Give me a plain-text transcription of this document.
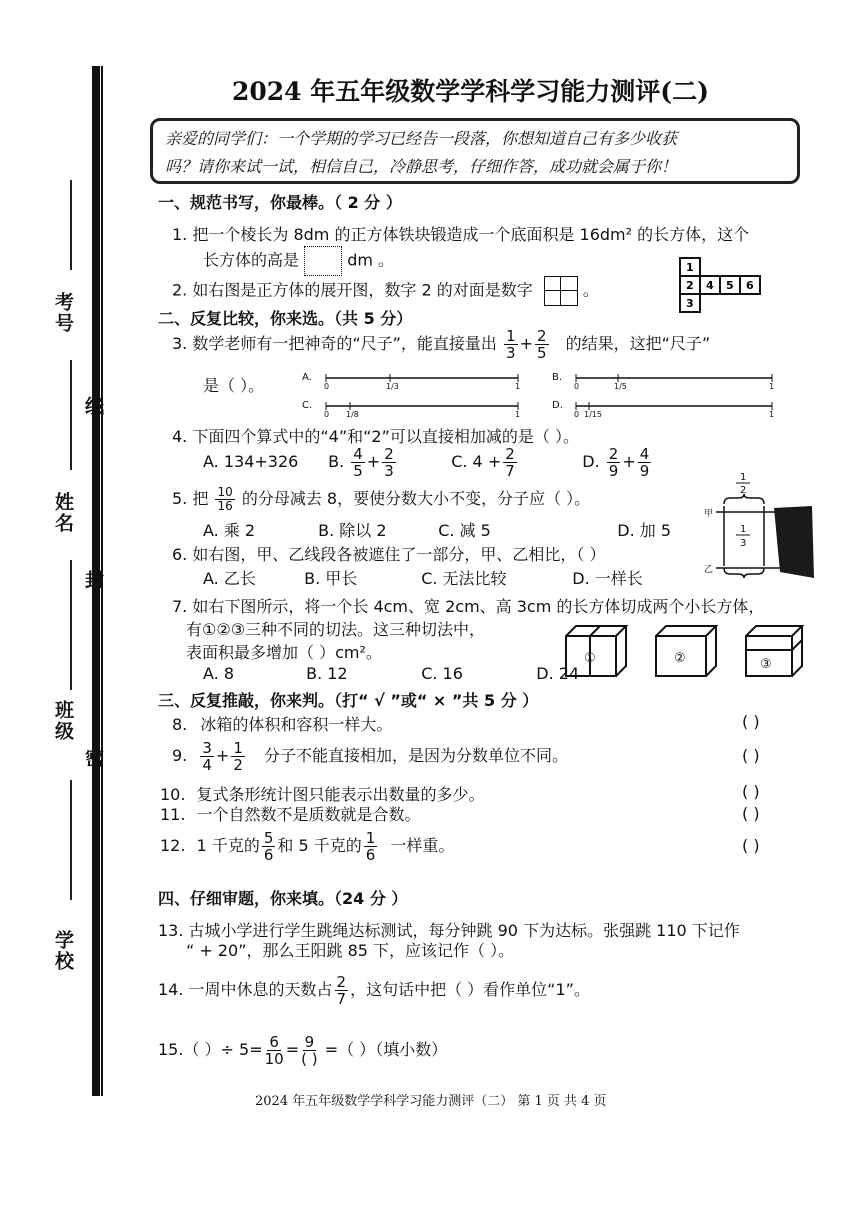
考号
姓名
班级
学校
线
封
密
2024 年五年级数学学科学习能力测评(二)
亲爱的同学们：一个学期的学习已经告一段落，你想知道自己有多少收获
吗？请你来试一试，相信自己，冷静思考，仔细作答，成功就会属于你！
一、规范书写，你最棒。（ 2 分 ）
1. 把一个棱长为 8dm 的正方体铁块锻造成一个底面积是 16dm² 的长方体，这个
长方体的高是	dm 。
2. 如右图是正方体的展开图，数字 2 的对面是数字	。
1
2
3
4 5 6
二、反复比较，你来选。（共 5 分）
3. 数学老师有一把神奇的“尺子”，能直接量出 $\frac{1}{3} + \frac{2}{5}$ 的结果，这把“尺子”
是（ ）。	A.
0	1/3	1
B.
0	1/5	1
C.
0 1/8	1
D.
0 1/15	1
4. 下面四个算式中的“4”和“2”可以直接相加减的是（ ）。
A. 134+326 B. $\frac{4}{5} + \frac{2}{3}$	C. $4 + \frac{2}{7}$	D. $\frac{2}{9} + \frac{4}{9}$
5. 把 $\frac{10}{16}$ 的分母减去 8，要使分数大小不变，分子应（ ）。
A. 乘 2	B. 除以 2	C. 减 5	D. 加 5
6. 如右图，甲、乙线段各被遮住了一部分，甲、乙相比，（ ）
A. 乙长	B. 甲长	C. 无法比较	D. 一样长
1
2
甲
1
3
乙
7. 如右下图所示，将一个长 4cm、宽 2cm、高 3cm 的长方体切成两个小长方体，
有①②③三种不同的切法。这三种切法中，
表面积最多增加（ ）cm²。
A. 8	B. 12	C. 16	D. 24
①	②	③
三、反复推敲，你来判。（打“ √ ”或“ × ”共 5 分 ）
8. 冰箱的体积和容积一样大。	( )
9. $\frac{3}{4} + \frac{1}{2}$ 分子不能直接相加，是因为分数单位不同。	( )
10. 复式条形统计图只能表示出数量的多少。	( )
11. 一个自然数不是质数就是合数。	( )
12. 1 千克的 $\frac{5}{6}$ 和 5 千克的 $\frac{1}{6}$ 一样重。	( )
四、仔细审题，你来填。（24 分 ）
13. 古城小学进行学生跳绳达标测试，每分钟跳 90 下为达标。张强跳 110 下记作
“ + 20”，那么王阳跳 85 下，应该记作（ ）。
14. 一周中休息的天数占 $\frac{2}{7}$ ，这句话中把（ ）看作单位“1”。
15.（ ）÷ $5= \frac{6}{10} = \frac{9}{( )}$ =（ ）（填小数）
2024 年五年级数学学科学习能力测评（二） 第 1 页 共 4 页
